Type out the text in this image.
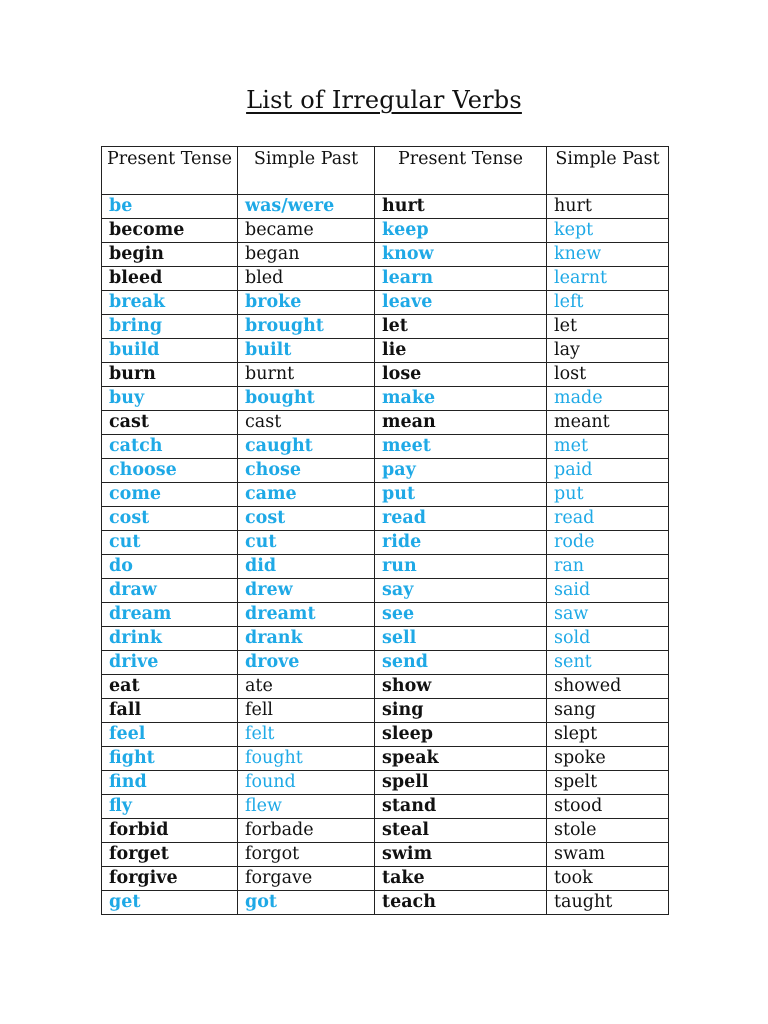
List of Irregular Verbs
Present Tense	Simple Past	Present Tense	Simple Past
be	was/were	hurt	hurt
become	became	keep	kept
begin	began	know	knew
bleed	bled	learn	learnt
break	broke	leave	left
bring	brought	let	let
build	built	lie	lay
burn	burnt	lose	lost
buy	bought	make	made
cast	cast	mean	meant
catch	caught	meet	met
choose	chose	pay	paid
come	came	put	put
cost	cost	read	read
cut	cut	ride	rode
do	did	run	ran
draw	drew	say	said
dream	dreamt	see	saw
drink	drank	sell	sold
drive	drove	send	sent
eat	ate	show	showed
fall	fell	sing	sang
feel	felt	sleep	slept
fight	fought	speak	spoke
find	found	spell	spelt
fly	flew	stand	stood
forbid	forbade	steal	stole
forget	forgot	swim	swam
forgive	forgave	take	took
get	got	teach	taught
